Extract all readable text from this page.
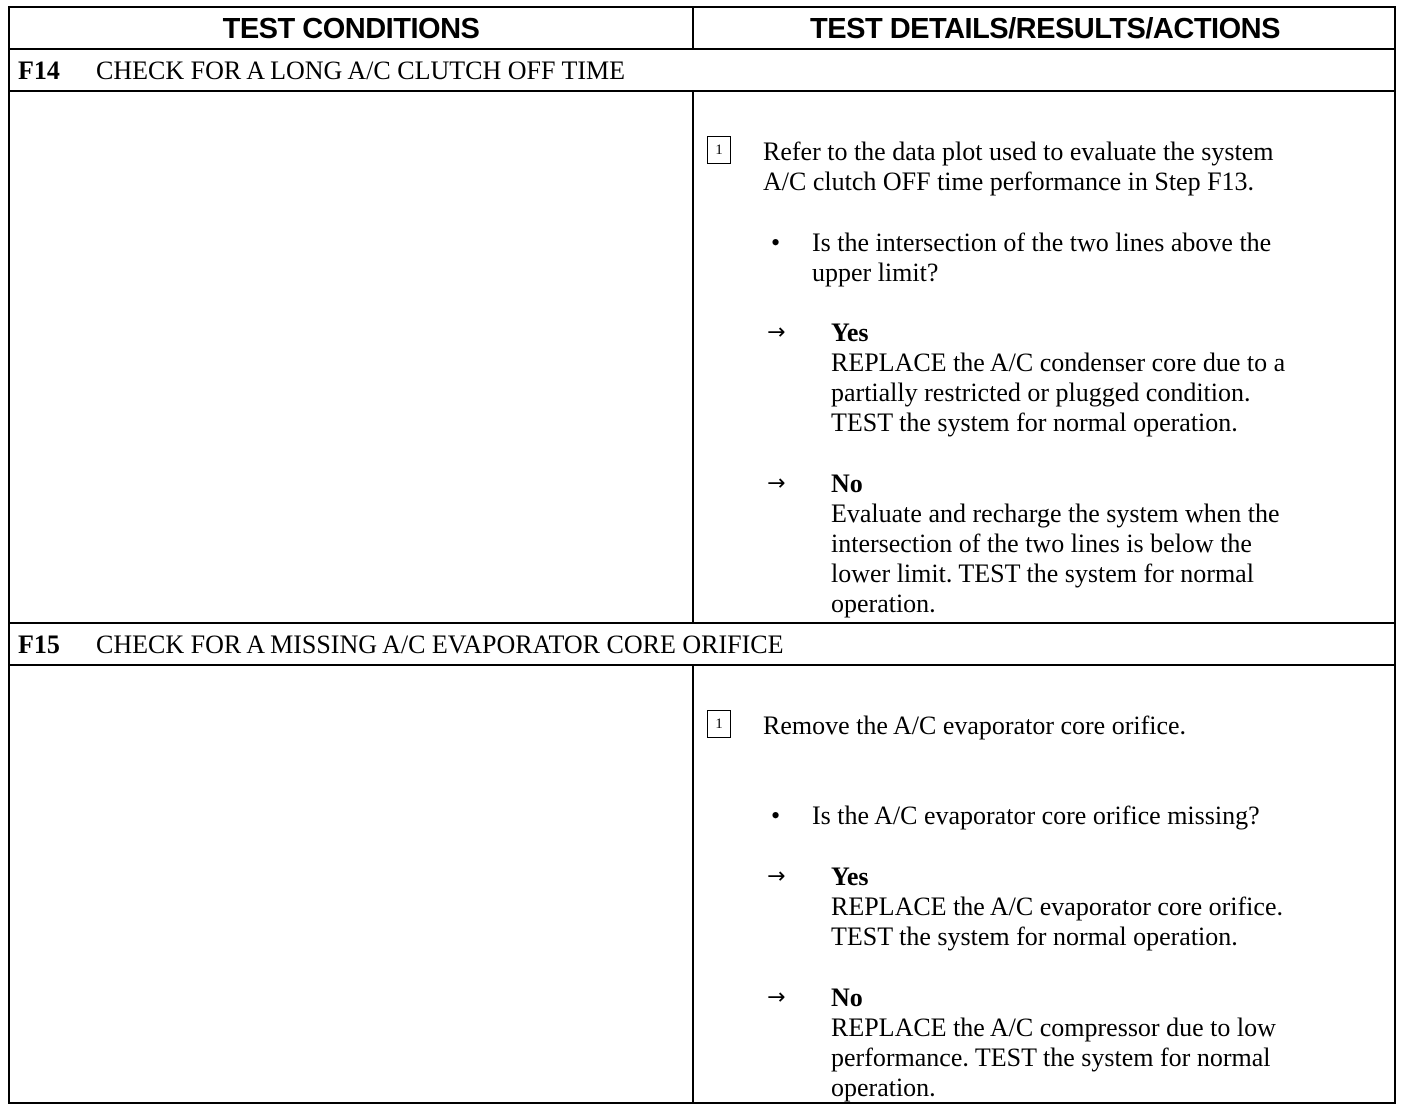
TEST CONDITIONS	TEST DETAILS/RESULTS/ACTIONS
F14 CHECK FOR A LONG A/C CLUTCH OFF TIME
1	Refer to the data plot used to evaluate the system
A/C clutch OFF time performance in Step F13.
• Is the intersection of the two lines above the
upper limit?
→ Yes
REPLACE the A/C condenser core due to a
partially restricted or plugged condition.
TEST the system for normal operation.
→ No
Evaluate and recharge the system when the
intersection of the two lines is below the
lower limit. TEST the system for normal
operation.
F15 CHECK FOR A MISSING A/C EVAPORATOR CORE ORIFICE
1	Remove the A/C evaporator core orifice.
• Is the A/C evaporator core orifice missing?
→ Yes
REPLACE the A/C evaporator core orifice.
TEST the system for normal operation.
→ No
REPLACE the A/C compressor due to low
performance. TEST the system for normal
operation.
